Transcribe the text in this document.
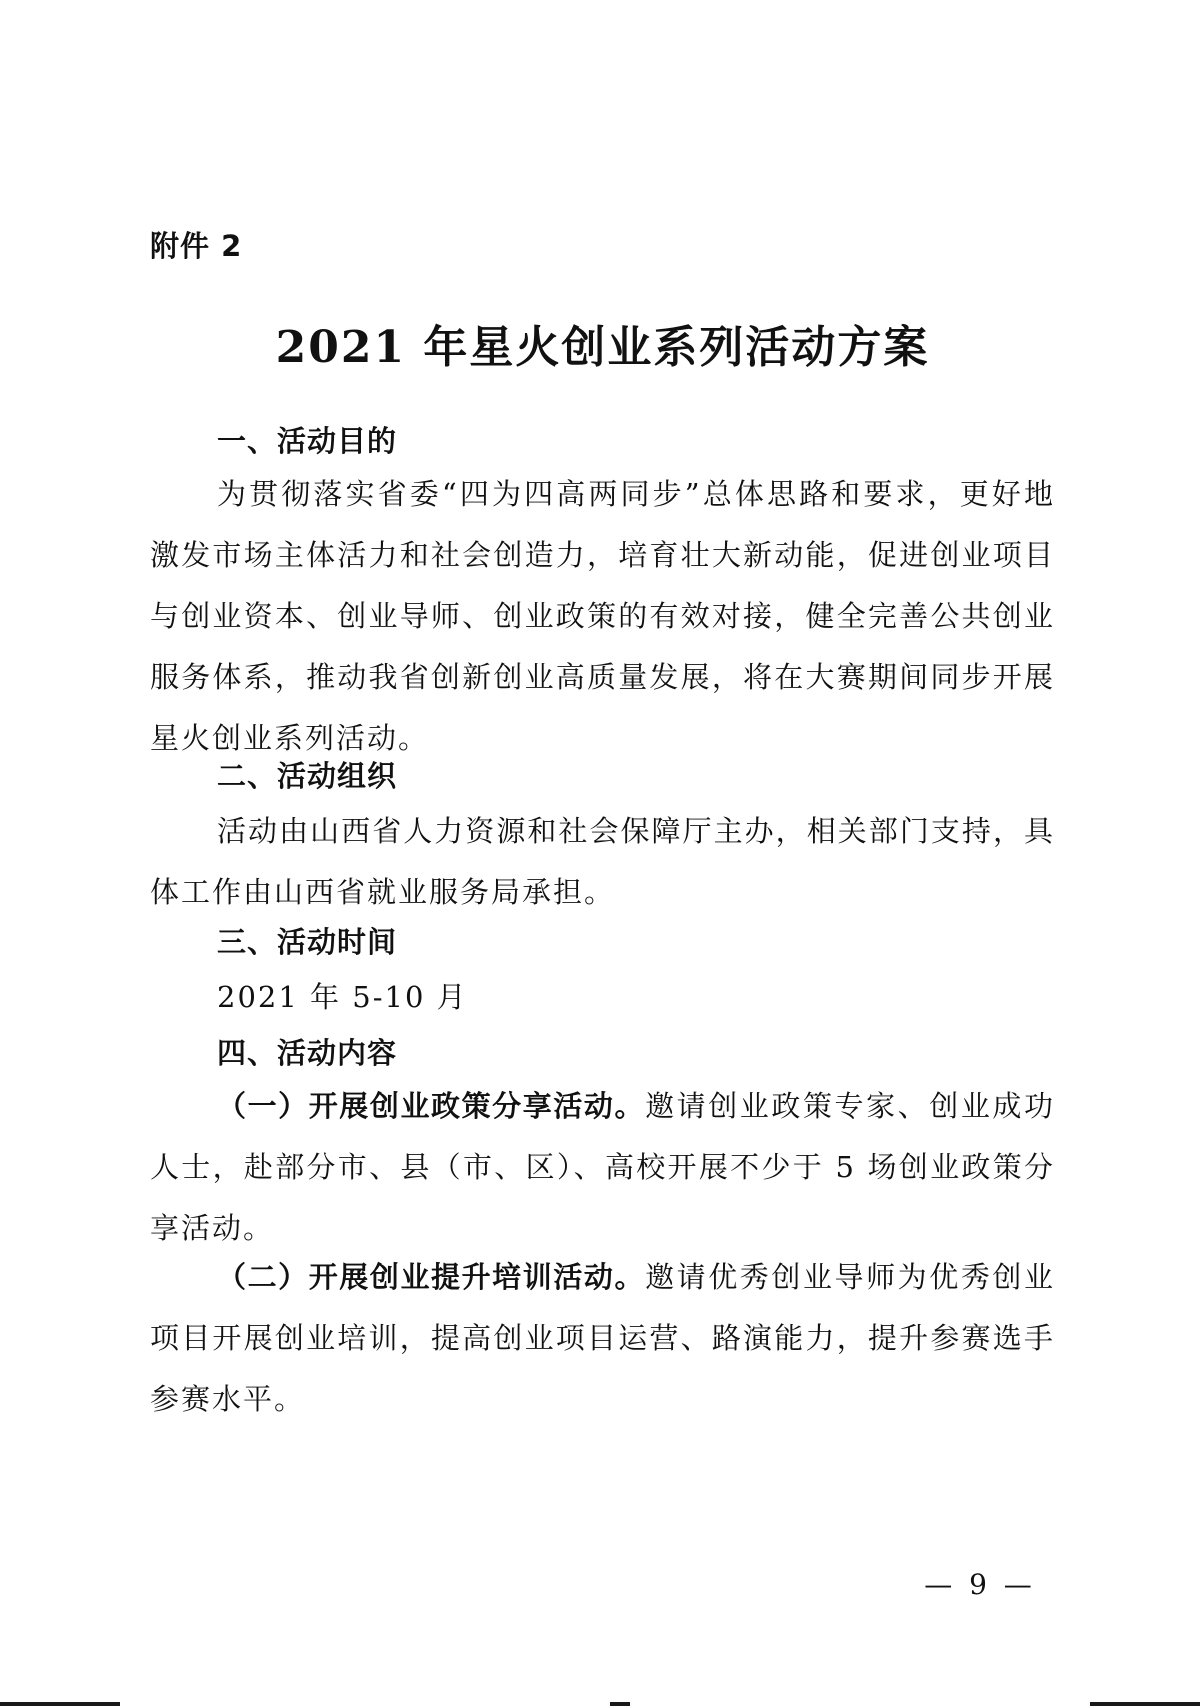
附件 2
2021 年星火创业系列活动方案
一、活动目的
为贯彻落实省委“四为四高两同步”总体思路和要求，更好地激发市场主体活力和社会创造力，培育壮大新动能，促进创业项目与创业资本、创业导师、创业政策的有效对接，健全完善公共创业服务体系，推动我省创新创业高质量发展，将在大赛期间同步开展星火创业系列活动。
二、活动组织
活动由山西省人力资源和社会保障厅主办，相关部门支持，具体工作由山西省就业服务局承担。
三、活动时间
2021 年 5-10 月
四、活动内容
（一）开展创业政策分享活动。邀请创业政策专家、创业成功人士，赴部分市、县（市、区）、高校开展不少于 5 场创业政策分享活动。
（二）开展创业提升培训活动。邀请优秀创业导师为优秀创业项目开展创业培训，提高创业项目运营、路演能力，提升参赛选手参赛水平。
— 9 —
